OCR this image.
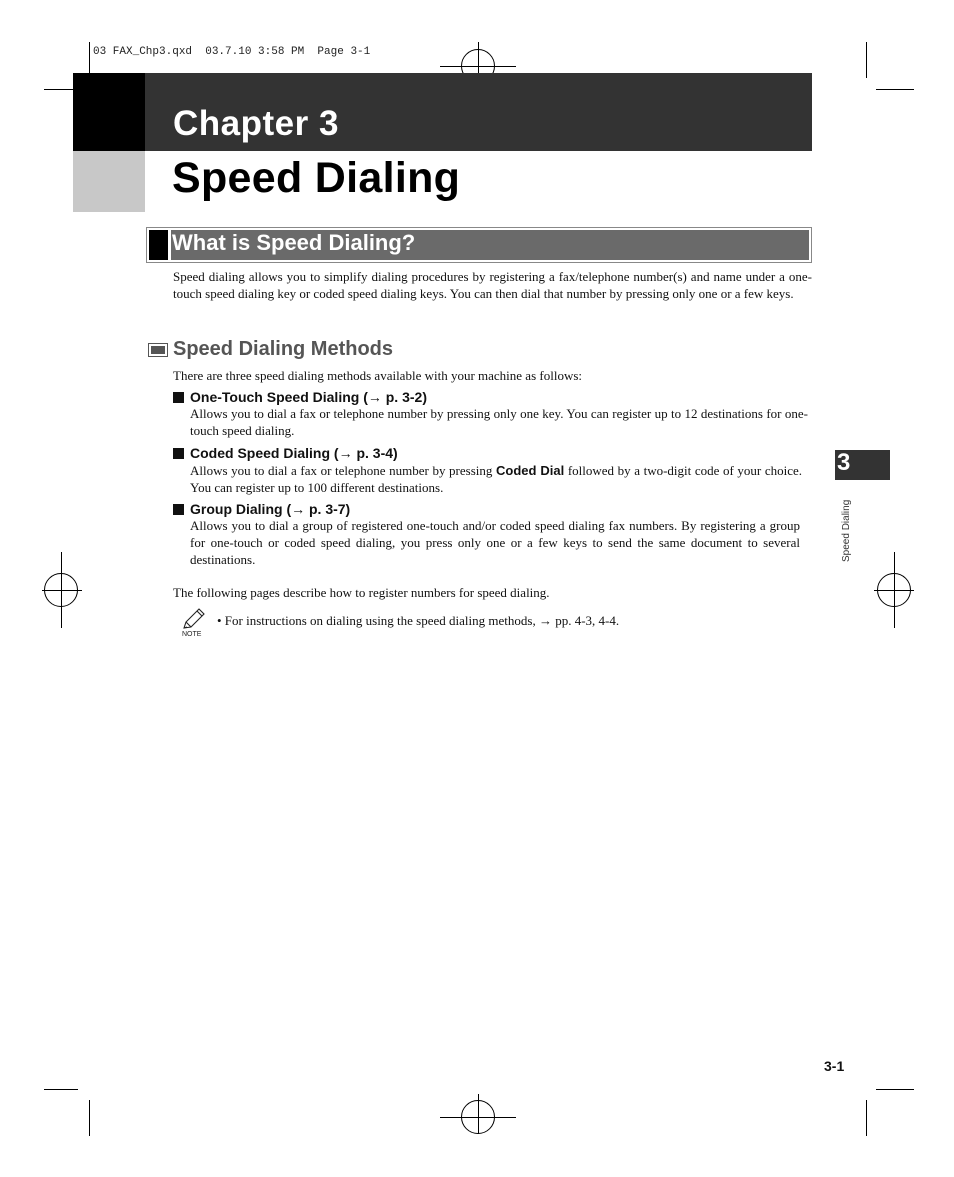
03 FAX_Chp3.qxd  03.7.10 3:58 PM  Page 3-1
Chapter 3
Speed Dialing
What is Speed Dialing?
Speed dialing allows you to simplify dialing procedures by registering a fax/telephone number(s) and name under a one-touch speed dialing key or coded speed dialing keys. You can then dial that number by pressing only one or a few keys.
Speed Dialing Methods
There are three speed dialing methods available with your machine as follows:
One-Touch Speed Dialing (→ p. 3-2)
Allows you to dial a fax or telephone number by pressing only one key. You can register up to 12 destinations for one-touch speed dialing.
Coded Speed Dialing (→ p. 3-4)
Allows you to dial a fax or telephone number by pressing Coded Dial followed by a two-digit code of your choice. You can register up to 100 different destinations.
Group Dialing (→ p. 3-7)
Allows you to dial a group of registered one-touch and/or coded speed dialing fax numbers. By registering a group for one-touch or coded speed dialing, you press only one or a few keys to send the same document to several destinations.
The following pages describe how to register numbers for speed dialing.
NOTE
• For instructions on dialing using the speed dialing methods, → pp. 4-3, 4-4.
3
Speed Dialing
3-1
